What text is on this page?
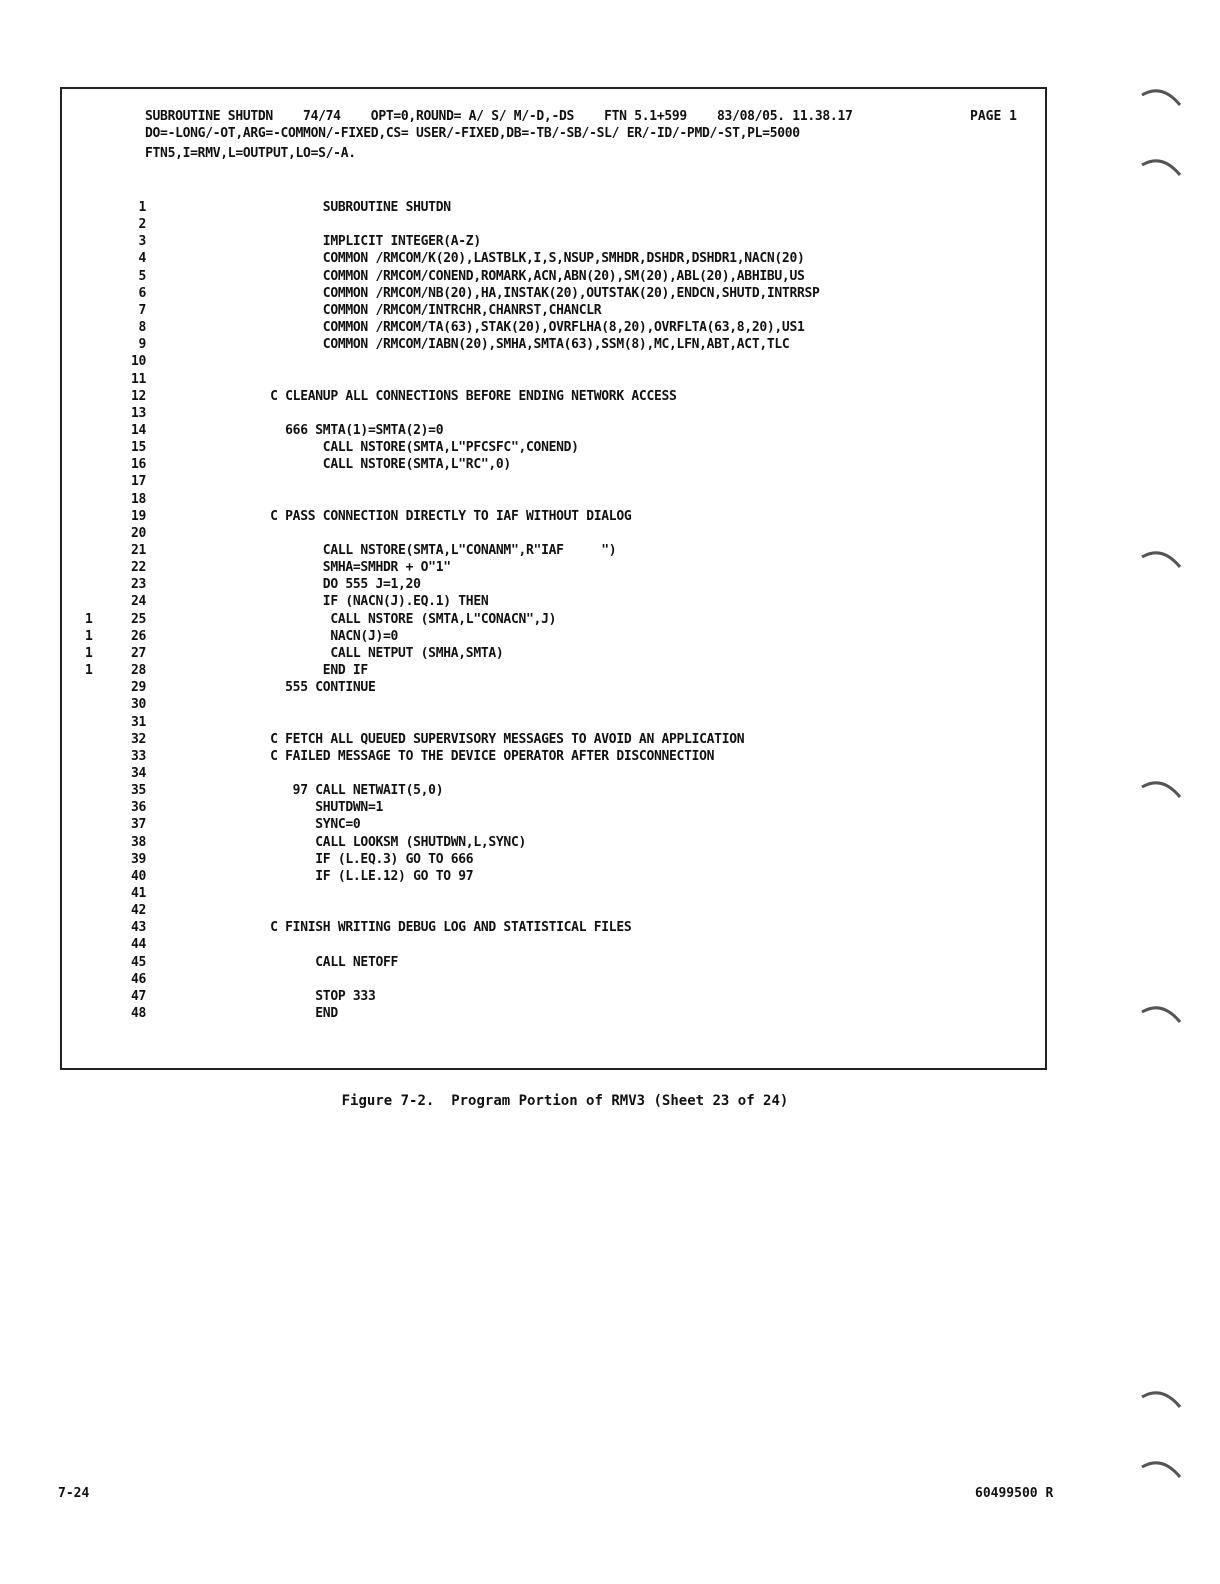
SUBROUTINE SHUTDN    74/74    OPT=0,ROUND= A/ S/ M/-D,-DS    FTN 5.1+599    83/08/05. 11.38.17	PAGE 1
DO=-LONG/-OT,ARG=-COMMON/-FIXED,CS= USER/-FIXED,DB=-TB/-SB/-SL/ ER/-ID/-PMD/-ST,PL=5000
FTN5,I=RMV,L=OUTPUT,LO=S/-A.
1	SUBROUTINE SHUTDN
2
3	IMPLICIT INTEGER(A-Z)
4	COMMON /RMCOM/K(20),LASTBLK,I,S,NSUP,SMHDR,DSHDR,DSHDR1,NACN(20)
5	COMMON /RMCOM/CONEND,ROMARK,ACN,ABN(20),SM(20),ABL(20),ABHIBU,US
6	COMMON /RMCOM/NB(20),HA,INSTAK(20),OUTSTAK(20),ENDCN,SHUTD,INTRRSP
7	COMMON /RMCOM/INTRCHR,CHANRST,CHANCLR
8	COMMON /RMCOM/TA(63),STAK(20),OVRFLHA(8,20),OVRFLTA(63,8,20),US1
9	COMMON /RMCOM/IABN(20),SMHA,SMTA(63),SSM(8),MC,LFN,ABT,ACT,TLC
10
11
12	C CLEANUP ALL CONNECTIONS BEFORE ENDING NETWORK ACCESS
13
14	666 SMTA(1)=SMTA(2)=0
15	CALL NSTORE(SMTA,L"PFCSFC",CONEND)
16	CALL NSTORE(SMTA,L"RC",0)
17
18
19	C PASS CONNECTION DIRECTLY TO IAF WITHOUT DIALOG
20
21	CALL NSTORE(SMTA,L"CONANM",R"IAF     ")
22	SMHA=SMHDR + O"1"
23	DO 555 J=1,20
24	IF (NACN(J).EQ.1) THEN
1	25	CALL NSTORE (SMTA,L"CONACN",J)
1	26	NACN(J)=0
1	27	CALL NETPUT (SMHA,SMTA)
1	28	END IF
29	555 CONTINUE
30
31
32	C FETCH ALL QUEUED SUPERVISORY MESSAGES TO AVOID AN APPLICATION
33	C FAILED MESSAGE TO THE DEVICE OPERATOR AFTER DISCONNECTION
34
35	97 CALL NETWAIT(5,0)
36	SHUTDWN=1
37	SYNC=0
38	CALL LOOKSM (SHUTDWN,L,SYNC)
39	IF (L.EQ.3) GO TO 666
40	IF (L.LE.12) GO TO 97
41
42
43	C FINISH WRITING DEBUG LOG AND STATISTICAL FILES
44
45	CALL NETOFF
46
47	STOP 333
48	END
Figure 7-2.  Program Portion of RMV3 (Sheet 23 of 24)
7-24	60499500 R
